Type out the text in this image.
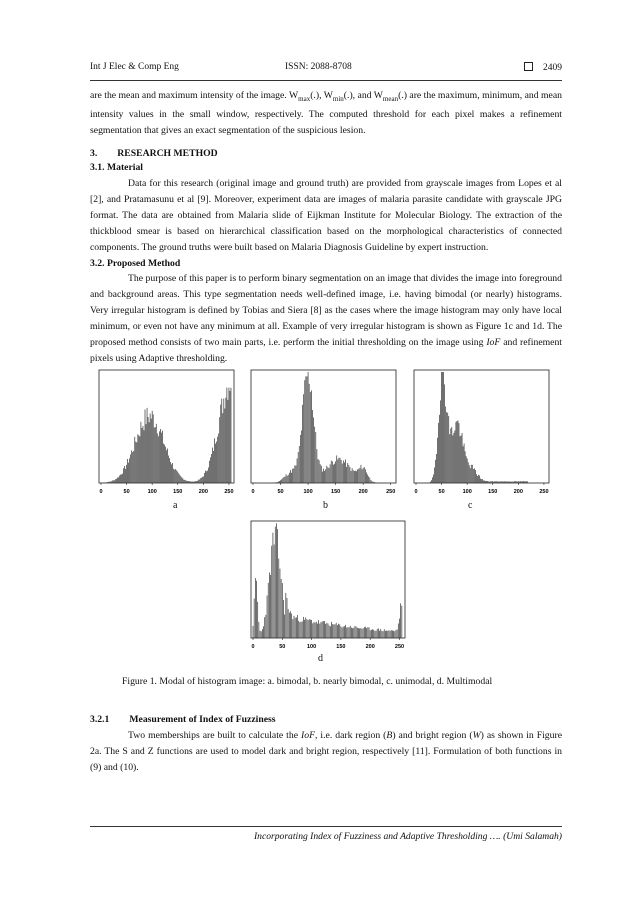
Int J Elec & Comp Eng	ISSN: 2088-8708	2409
are the mean and maximum intensity of the image. $W_{max}(.)$, $W_{min}(.)$, and $W_{mean}(.)$ are the maximum, minimum, and mean intensity values in the small window, respectively. The computed threshold for each pixel makes a refinement segmentation that gives an exact segmentation of the suspicious lesion.
3. RESEARCH METHOD
3.1. Material
Data for this research (original image and ground truth) are provided from grayscale images from Lopes et al [2], and Pratamasunu et al [9]. Moreover, experiment data are images of malaria parasite candidate with grayscale JPG format. The data are obtained from Malaria slide of Eijkman Institute for Molecular Biology. The extraction of the thickblood smear is based on hierarchical classification based on the morphological characteristics of connected components. The ground truths were built based on Malaria Diagnosis Guideline by expert instruction.
3.2. Proposed Method
The purpose of this paper is to perform binary segmentation on an image that divides the image into foreground and background areas. This type segmentation needs well-defined image, i.e. having bimodal (or nearly) histograms. Very irregular histogram is defined by Tobias and Siera [8] as the cases where the image histogram may only have local minimum, or even not have any minimum at all. Example of very irregular histogram is shown as Figure 1c and 1d. The proposed method consists of two main parts, i.e. perform the initial thresholding on the image using IoF and refinement pixels using Adaptive thresholding.
0	50	100	150	200	250	0	50	100	150	200	250	0	50	100	150	200	250
0	50	100	150	200	250
a	b	c
d
Figure 1. Modal of histogram image: a. bimodal, b. nearly bimodal, c. unimodal, d. Multimodal
3.2.1 Measurement of Index of Fuzziness
Two memberships are built to calculate the IoF, i.e. dark region (B) and bright region (W) as shown in Figure 2a. The S and Z functions are used to model dark and bright region, respectively [11]. Formulation of both functions in (9) and (10).
Incorporating Index of Fuzziness and Adaptive Thresholding …. (Umi Salamah)
